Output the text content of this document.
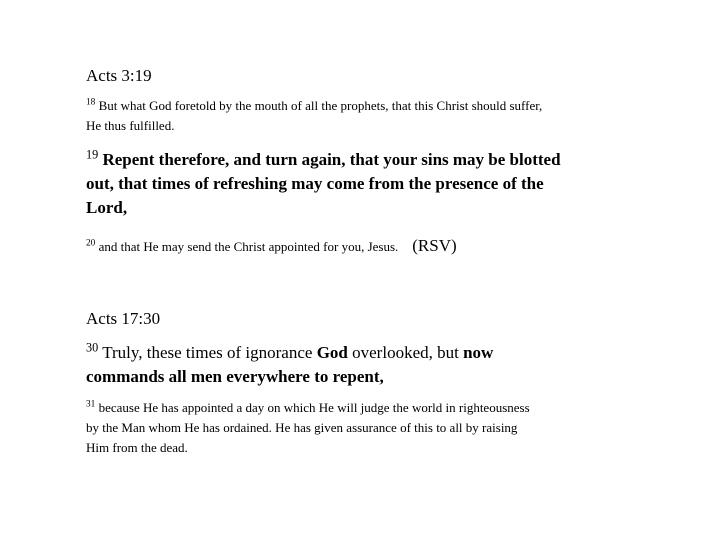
Acts 3:19
$^{18}$ But what God foretold by the mouth of all the prophets, that this Christ should suffer,
He thus fulfilled.
$^{19}$ Repent therefore, and turn again, that your sins may be blotted
out, that times of refreshing may come from the presence of the
Lord,
$^{20}$ and that He may send the Christ appointed for you, Jesus. (RSV)
Acts 17:30
$^{30}$ Truly, these times of ignorance God overlooked, but now
commands all men everywhere to repent,
$^{31}$ because He has appointed a day on which He will judge the world in righteousness
by the Man whom He has ordained. He has given assurance of this to all by raising
Him from the dead.
